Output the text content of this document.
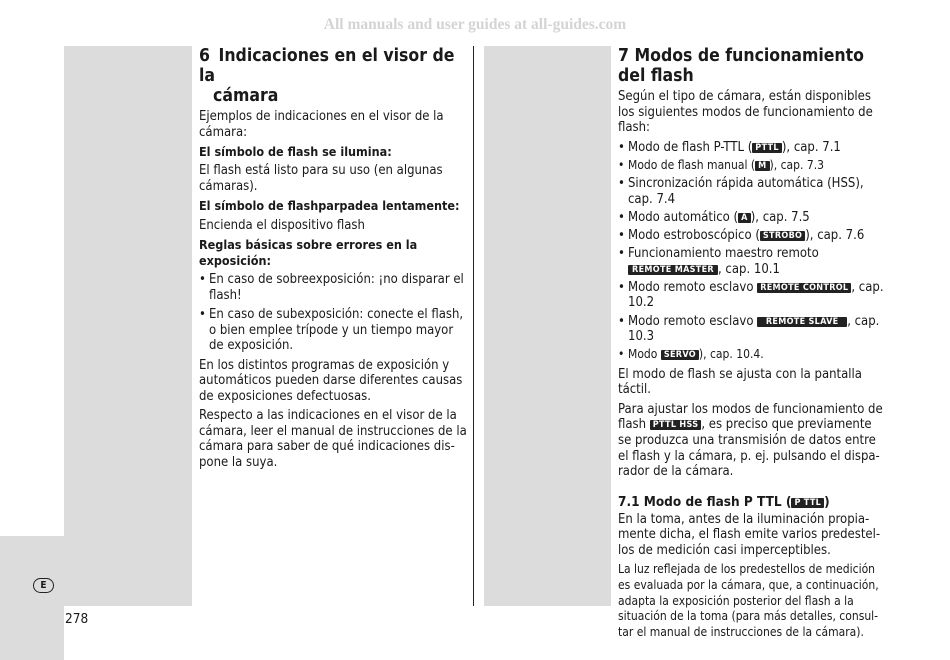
All manuals and user guides at all-guides.com
E
278
6 Indicaciones en el visor de la
cámara

Ejemplos de indicaciones en el visor de la cámara:

El símbolo de flash se ilumina:

El flash está listo para su uso (en algunas cámaras).

El símbolo de flashparpadea lentamente:

Encienda el dispositivo flash

Reglas básicas sobre errores en la exposición:

• En caso de sobreexposición: ¡no disparar el flash!
• En caso de subexposición: conecte el flash, o bien emplee trípode y un tiempo mayor de exposición.

En los distintos programas de exposición y automáticos pueden darse diferentes causas de exposiciones defectuosas.

Respecto a las indicaciones en el visor de la cámara, leer el manual de instrucciones de la cámara para saber de qué indicaciones dis-pone la suya.

7 Modos de funcionamiento del flash

Según el tipo de cámara, están disponibles los siguientes modos de funcionamiento de flash:

• Modo de flash P-TTL ( PTTL ), cap. 7.1
• Modo de flash manual ( M ), cap. 7.3
• Sincronización rápida automática (HSS), cap. 7.4
• Modo automático ( A ), cap. 7.5
• Modo estroboscópico ( STROBO ), cap. 7.6
• Funcionamiento maestro remoto
REMOTE MASTER , cap. 10.1
• Modo remoto esclavo REMOTE CONTROL , cap. 10.2
• Modo remoto esclavo REMOTE SLAVE , cap. 10.3
• Modo SERVO ), cap. 10.4.

El modo de flash se ajusta con la pantalla táctil.

Para ajustar los modos de funcionamiento de flash PTTL HSS , es preciso que previamente se produzca una transmisión de datos entre el flash y la cámara, p. ej. pulsando el dispa-rador de la cámara.

7.1 Modo de flash P TTL ( P TTL )

En la toma, antes de la iluminación propia-mente dicha, el flash emite varios predestel-los de medición casi imperceptibles.

La luz reflejada de los predestellos de medición es evaluada por la cámara, que, a continuación, adapta la exposición posterior del flash a la situación de la toma (para más detalles, consul-tar el manual de instrucciones de la cámara).
